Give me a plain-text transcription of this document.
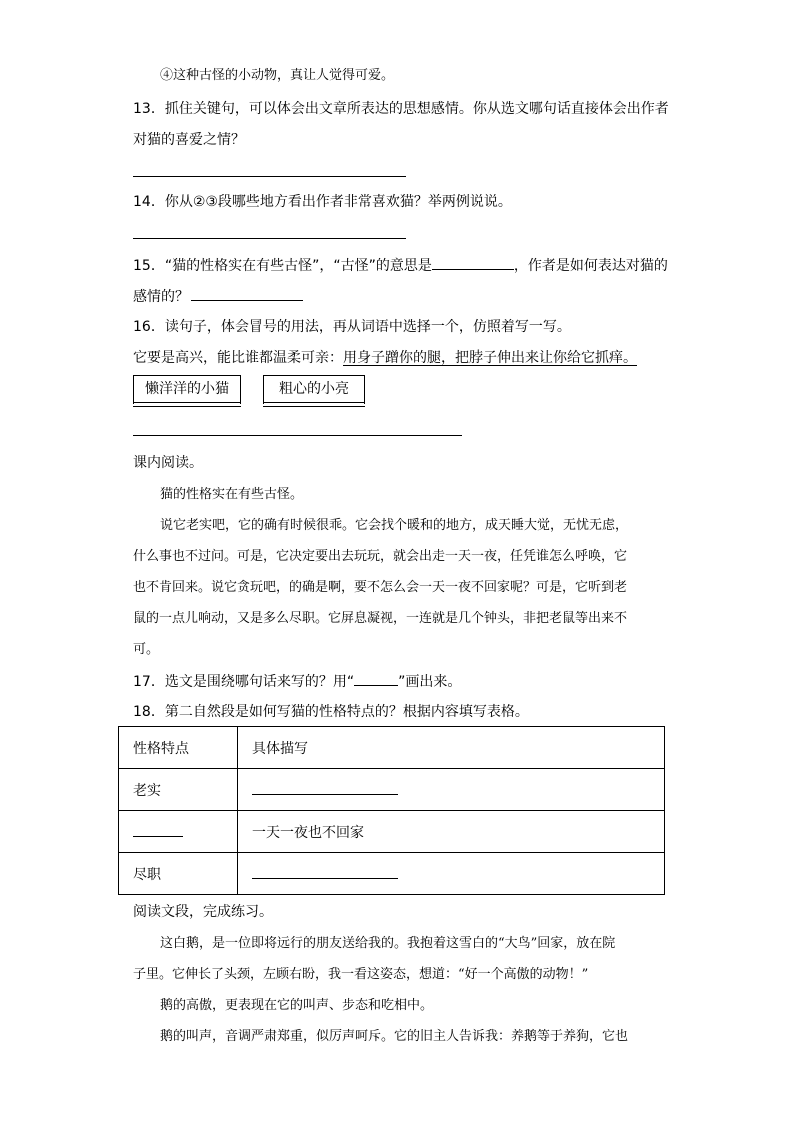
④这种古怪的小动物，真让人觉得可爱。
13．抓住关键句，可以体会出文章所表达的思想感情。你从选文哪句话直接体会出作者
对猫的喜爱之情？
14．你从②③段哪些地方看出作者非常喜欢猫？举两例说说。
15．“猫的性格实在有些古怪”，“古怪”的意思是	，作者是如何表达对猫的
感情的？
16．读句子，体会冒号的用法，再从词语中选择一个，仿照着写一写。
它要是高兴，能比谁都温柔可亲：用身子蹭你的腿，把脖子伸出来让你给它抓痒。
懒洋洋的小猫	粗心的小亮
课内阅读。
猫的性格实在有些古怪。
说它老实吧，它的确有时候很乖。它会找个暖和的地方，成天睡大觉，无忧无虑，
什么事也不过问。可是，它决定要出去玩玩，就会出走一天一夜，任凭谁怎么呼唤，它
也不肯回来。说它贪玩吧，的确是啊，要不怎么会一天一夜不回家呢？可是，它听到老
鼠的一点儿响动，又是多么尽职。它屏息凝视，一连就是几个钟头，非把老鼠等出来不
可。
17．选文是围绕哪句话来写的？用“	”画出来。
18．第二自然段是如何写猫的性格特点的？根据内容填写表格。
性格特点	具体描写
老实	
	一天一夜也不回家
尽职	
阅读文段，完成练习。
这白鹅，是一位即将远行的朋友送给我的。我抱着这雪白的“大鸟”回家，放在院
子里。它伸长了头颈，左顾右盼，我一看这姿态，想道：“好一个高傲的动物！”
鹅的高傲，更表现在它的叫声、步态和吃相中。
鹅的叫声，音调严肃郑重，似厉声呵斥。它的旧主人告诉我：养鹅等于养狗，它也
